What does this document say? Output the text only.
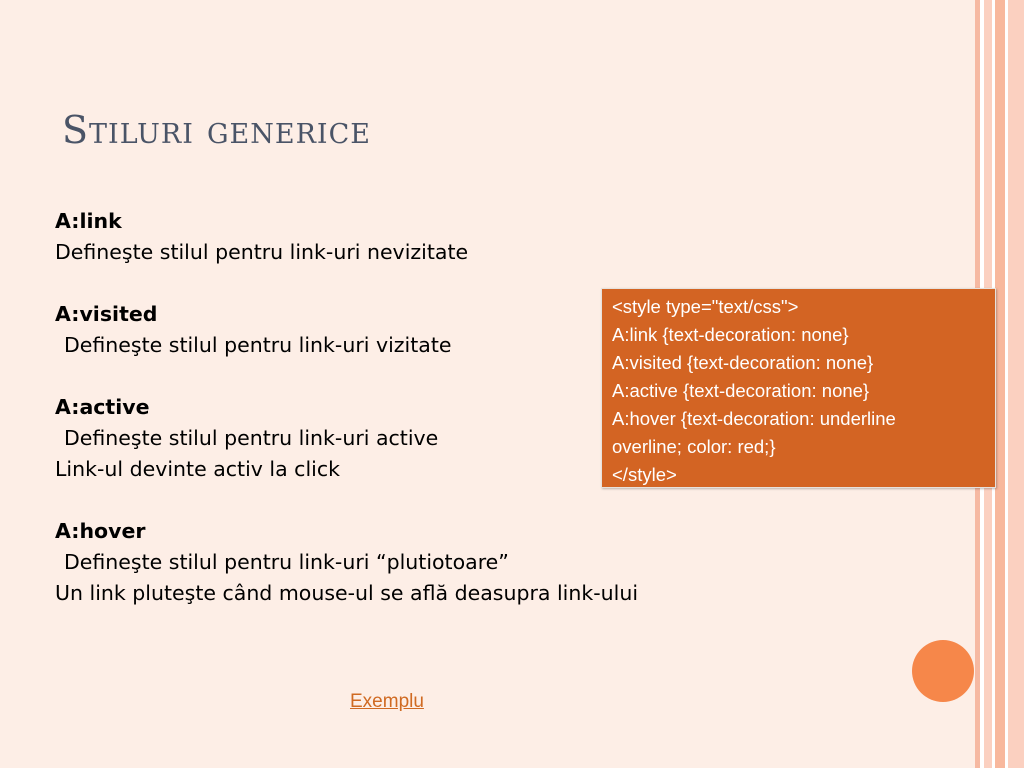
Stiluri generice
A:link
Defineşte stilul pentru link-uri nevizitate
A:visited
Defineşte stilul pentru link-uri vizitate
A:active
Defineşte stilul pentru link-uri active
Link-ul devinte activ la click
A:hover
Defineşte stilul pentru link-uri “plutiotoare”
Un link pluteşte când mouse-ul se află deasupra link-ului
<style type="text/css">
A:link {text-decoration: none}
A:visited {text-decoration: none}
A:active {text-decoration: none}
A:hover {text-decoration: underline
overline; color: red;}
</style>
Exemplu
